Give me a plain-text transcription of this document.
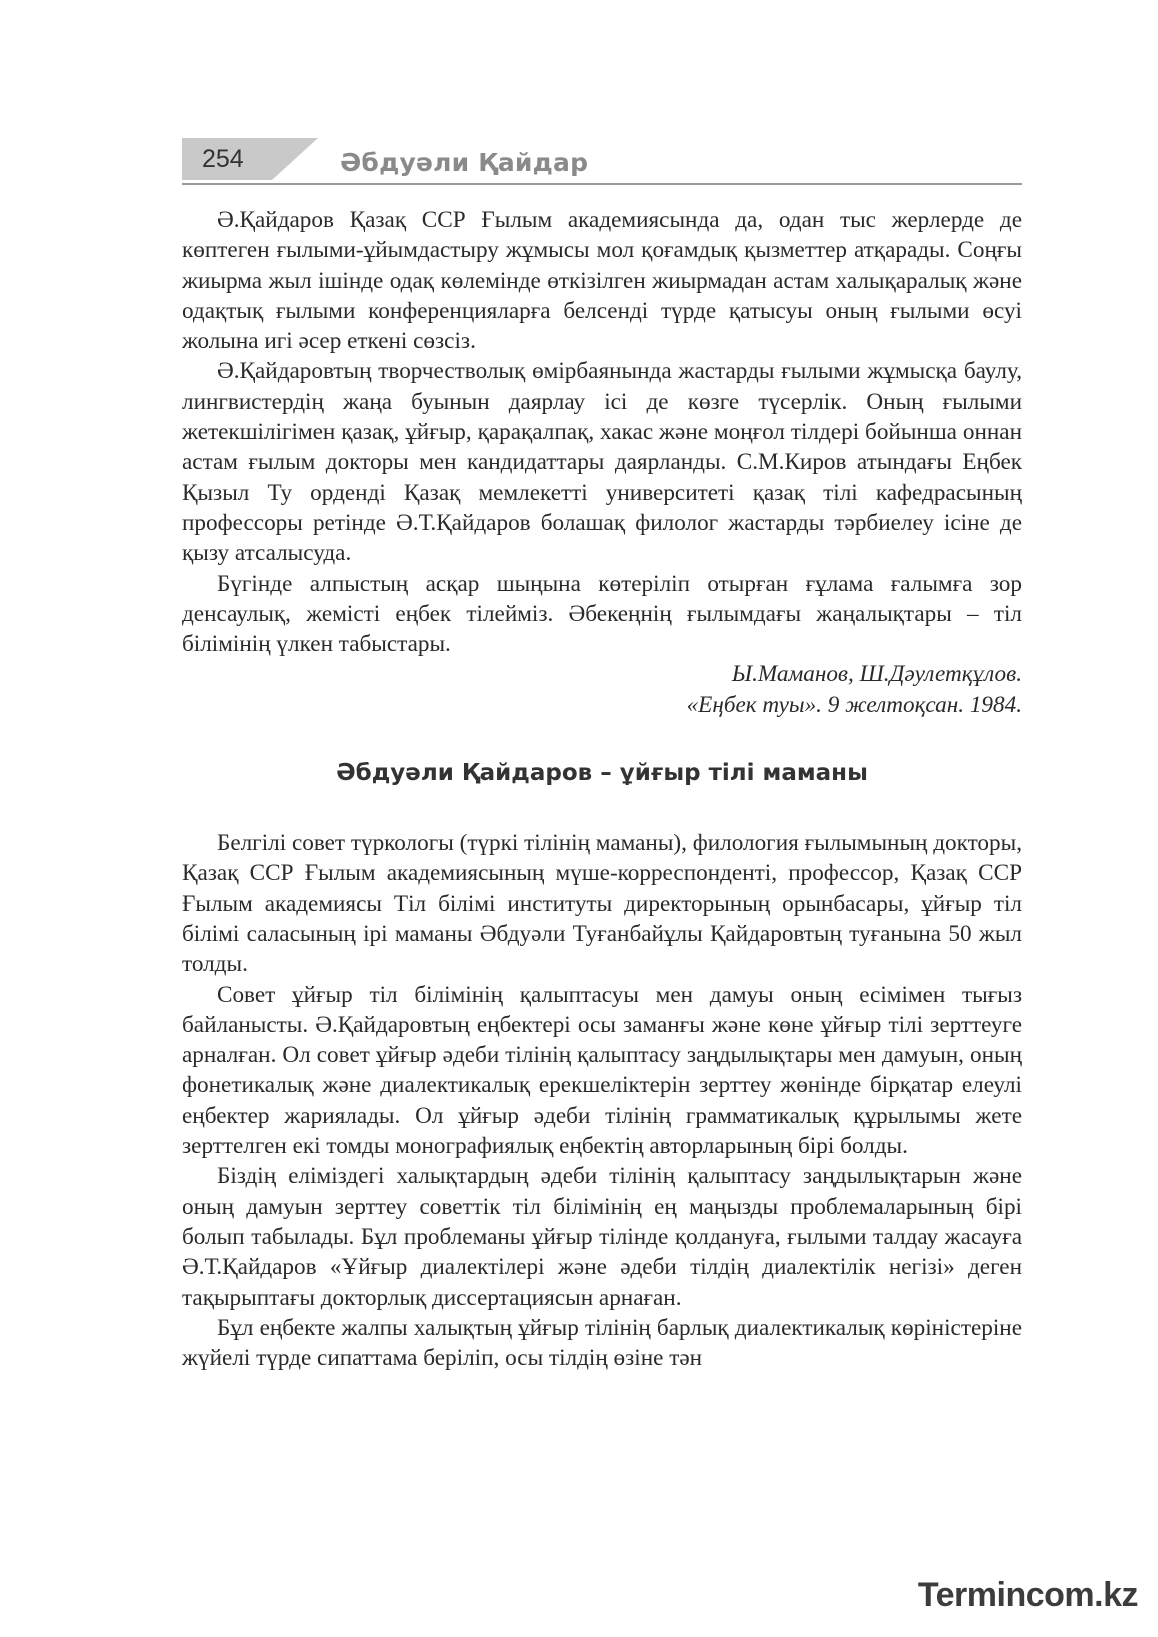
254	Әбдуәли Қайдар

Ә.Қайдаров Қазақ ССР Ғылым академиясында да, одан тыс жерлерде де көптеген ғылыми-ұйымдастыру жұмысы мол қоғамдық қызметтер атқарады. Соңғы жиырма жыл ішінде одақ көлемінде өткізілген жиырмадан астам халықаралық және одақтық ғылыми конференцияларға белсенді түрде қатысуы оның ғылыми өсуі жолына игі әсер еткені сөзсіз.

Ә.Қайдаровтың творчестволық өмірбаянында жастарды ғылыми жұмысқа баулу, лингвистердің жаңа буынын даярлау ісі де көзге түсерлік. Оның ғылыми жетекшілігімен қазақ, ұйғыр, қарақалпақ, хакас және моңғол тілдері бойынша оннан астам ғылым докторы мен кандидаттары даярланды. С.М.Киров атындағы Еңбек Қызыл Ту орденді Қазақ мемлекетті университеті қазақ тілі кафедрасының профессоры ретінде Ә.Т.Қайдаров болашақ филолог жастарды тәрбиелеу ісіне де қызу атсалысуда.

Бүгінде алпыстың асқар шыңына көтеріліп отырған ғұлама ғалымға зор денсаулық, жемісті еңбек тілейміз. Әбекеңнің ғылымдағы жаңалықтары – тіл білімінің үлкен табыстары.

Ы.Маманов, Ш.Дәулетқұлов.

«Еңбек туы». 9 желтоқсан. 1984.

Әбдуәли Қайдаров – ұйғыр тілі маманы

Белгілі совет түркологы (түркі тілінің маманы), филология ғылымының докторы, Қазақ ССР Ғылым академиясының мүше-корреспонденті, профессор, Қазақ ССР Ғылым академиясы Тіл білімі институты директорының орынбасары, ұйғыр тіл білімі саласының ірі маманы Әбдуәли Туғанбайұлы Қайдаровтың туғанына 50 жыл толды.

Совет ұйғыр тіл білімінің қалыптасуы мен дамуы оның есімімен тығыз байланысты. Ә.Қайдаровтың еңбектері осы заманғы және көне ұйғыр тілі зерттеуге арналған. Ол совет ұйғыр әдеби тілінің қалыптасу заңдылықтары мен дамуын, оның фонетикалық және диалектикалық ерекшеліктерін зерттеу жөнінде бірқатар елеулі еңбектер жариялады. Ол ұйғыр әдеби тілінің грамматикалық құрылымы жете зерттелген екі томды монографиялық еңбектің авторларының бірі болды.

Біздің еліміздегі халықтардың әдеби тілінің қалыптасу заңдылықтарын және оның дамуын зерттеу советтік тіл білімінің ең маңызды проблемаларының бірі болып табылады. Бұл проблеманы ұйғыр тілінде қолдануға, ғылыми талдау жасауға Ә.Т.Қайдаров «Ұйғыр диалектілері және әдеби тілдің диалектілік негізі» деген тақырыптағы докторлық диссертациясын арнаған.

Бұл еңбекте жалпы халықтың ұйғыр тілінің барлық диалектикалық көріністеріне жүйелі түрде сипаттама беріліп, осы тілдің өзіне тән

Termincom.kz
